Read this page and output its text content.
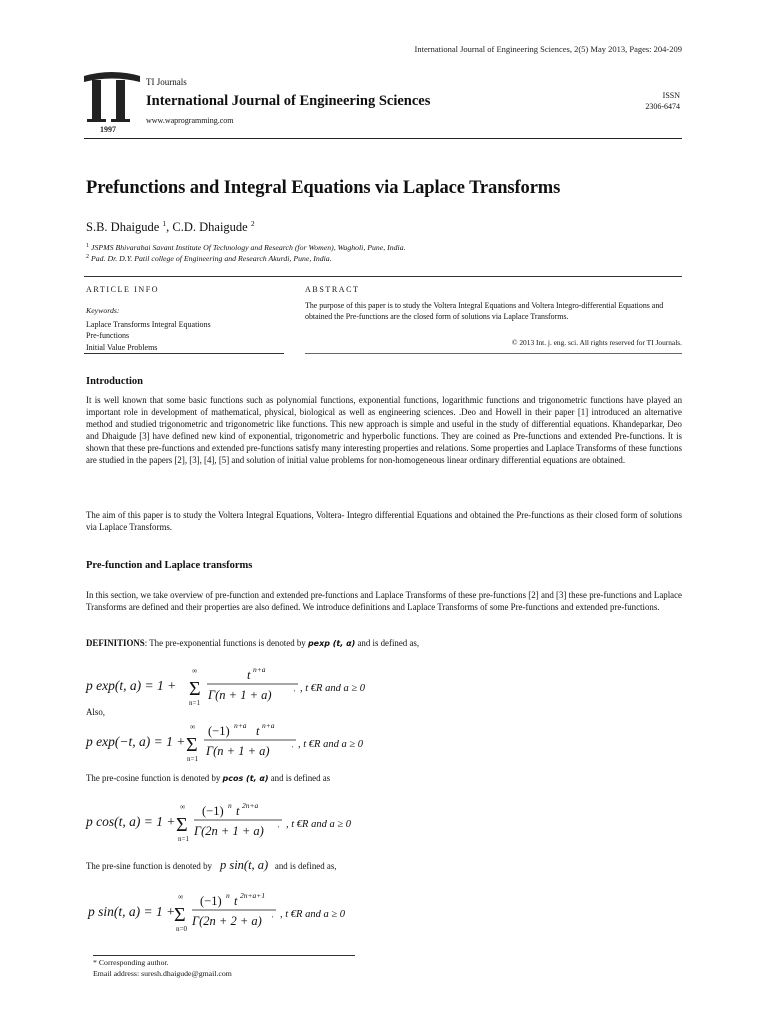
International Journal of Engineering Sciences, 2(5) May 2013, Pages: 204-209
1997
TI Journals
International Journal of Engineering Sciences
www.waprogramming.com
ISSN
2306-6474
Prefunctions and Integral Equations via Laplace Transforms
S.B. Dhaigude $^1$, C.D. Dhaigude $^2$
$^1$ JSPMS Bhivarabai Savant Institute Of Technology and Research (for Women), Wagholi, Pune, India.
$^2$ Pad. Dr. D.Y. Patil college of Engineering and Research Akurdi, Pune, India.
ARTICLE INFO	ABSTRACT
Keywords:
Laplace Transforms Integral Equations
Pre-functions
Initial Value Problems
The purpose of this paper is to study the Voltera Integral Equations and Voltera Integro-differential Equations and obtained the Pre-functions are the closed form of solutions via Laplace Transforms.
© 2013 Int. j. eng. sci. All rights reserved for TI Journals.
Introduction
It is well known that some basic functions such as polynomial functions, exponential functions, logarithmic functions and trigonometric functions have played an important role in development of mathematical, physical, biological as well as engineering sciences. .Deo and Howell in their paper [1] introduced an alternative method and studied trigonometric and trigonometric like functions. This new approach is simple and useful in the study of differential equations. Khandeparkar, Deo and Dhaigude [3] have defined new kind of exponential, trigonometric and hyperbolic functions. They are coined as Pre-functions and extended Pre-functions. It is shown that these pre-functions and extended pre-functions satisfy many interesting properties and relations. Some properties and Laplace Transforms of these functions are studied in the papers [2], [3], [4], [5] and solution of initial value problems for non-homogeneous linear ordinary differential equations are obtained.
The aim of this paper is to study the Voltera Integral Equations, Voltera- Integro differential Equations and obtained the Pre-functions as their closed form of solutions via Laplace Transforms.
Pre-function and Laplace transforms
In this section, we take overview of pre-function and extended pre-functions and Laplace Transforms of these pre-functions [2] and [3] these pre-functions and Laplace Transforms are defined and their properties are also defined. We introduce definitions and Laplace Transforms of some Pre-functions and extended pre-functions.
DEFINITIONS: The pre-exponential functions is denoted by pexp (t, α) and is defined as,
p exp(t, a) = 1 + Σ
∞
n=1
t n+a
Γ(n + 1 + a)	' , t €R and a ≥ 0
Also,
p exp(−t, a) = 1 + Σ
∞
n=1
(−1) n+a t n+a
Γ(n + 1 + a)	' , t €R and a ≥ 0
The pre-cosine function is denoted by pcos (t, α) and is defined as
p cos(t, a) = 1 + Σ
∞
n=1
(−1) n t 2n+a
Γ(2n + 1 + a) ' , t €R and a ≥ 0
The pre-sine function is denoted by p sin(t, a) and is defined as,
p sin(t, a) = 1 +
Σ
∞
n=0
(−1) n t 2n+a+1
Γ(2n + 2 + a) ' , t €R and a ≥ 0
* Corresponding author.
Email address: suresh.dhaigude@gmail.com
